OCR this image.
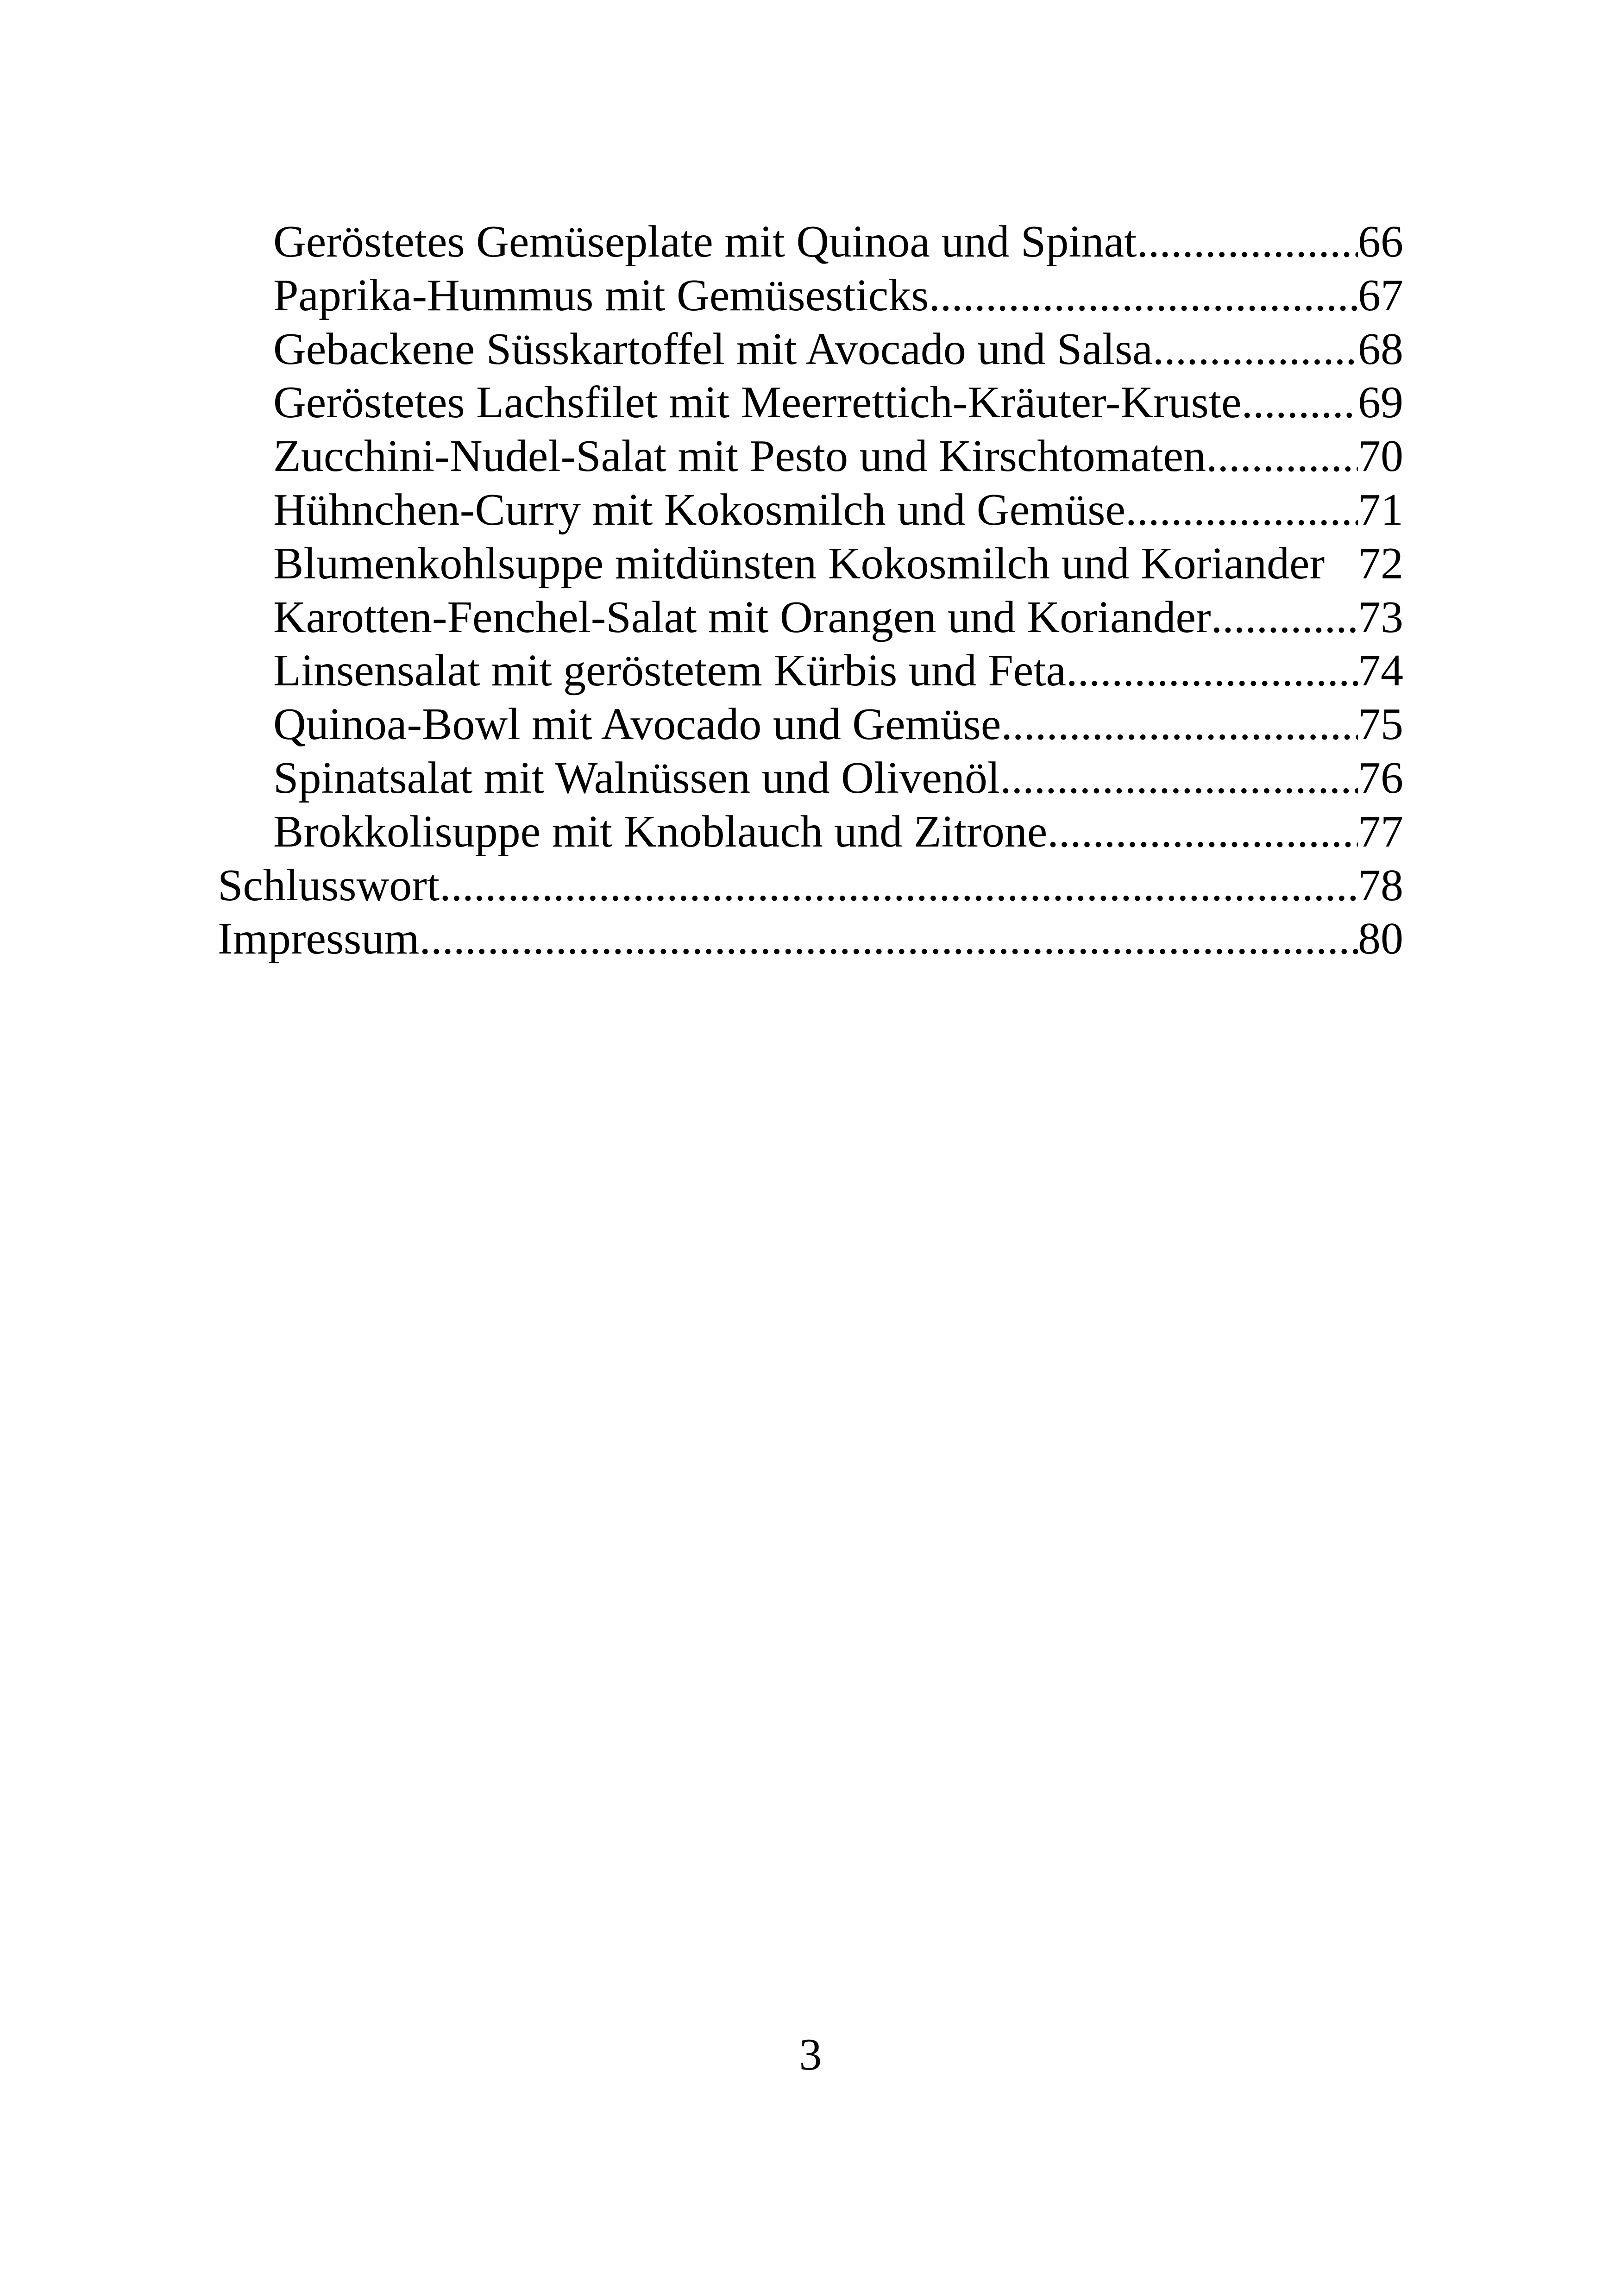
Geröstetes Gemüseplate mit Quinoa und Spinat .....	66
Paprika-Hummus mit Gemüsesticks .....	67
Gebackene Süsskartoffel mit Avocado und Salsa .....	68
Geröstetes Lachsfilet mit Meerrettich-Kräuter-Kruste .....	69
Zucchini-Nudel-Salat mit Pesto und Kirschtomaten .....	70
Hühnchen-Curry mit Kokosmilch und Gemüse .....	71
Blumenkohlsuppe mitdünsten Kokosmilch und Koriander 72
Karotten-Fenchel-Salat mit Orangen und Koriander .....	73
Linsensalat mit geröstetem Kürbis und Feta .....	74
Quinoa-Bowl mit Avocado und Gemüse .....	75
Spinatsalat mit Walnüssen und Olivenöl .....	76
Brokkolisuppe mit Knoblauch und Zitrone .....	77
Schlusswort .....	78
Impressum .....	80
3
